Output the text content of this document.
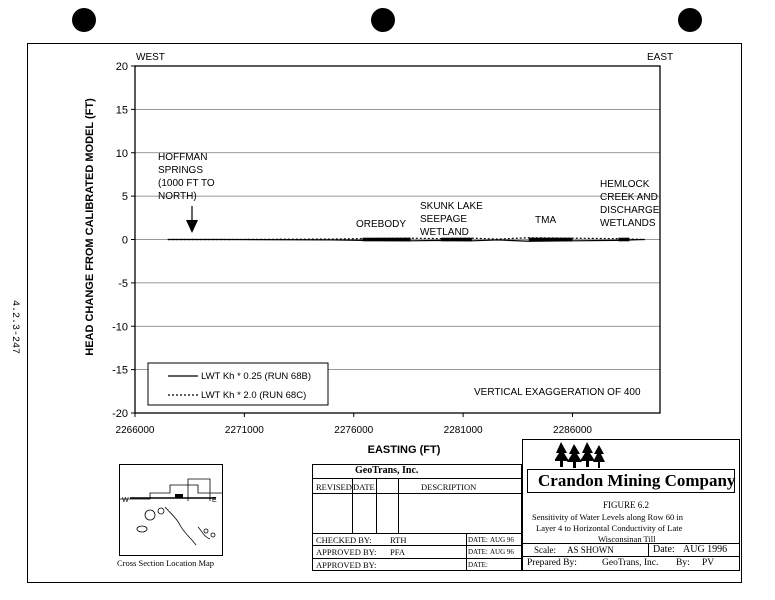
4.2.3-247
20
15
10
5
0
-5
-10
-15
-20
2266000	2271000	2276000	2281000	2286000
WEST	EAST
EASTING (FT)
HEAD CHANGE FROM CALIBRATED MODEL (FT)	HOFFMAN SPRINGS (1000 FT TO NORTH)
OREBODY
SKUNK LAKE SEEPAGE WETLAND
TMA
HEMLOCK CREEK AND DISCHARGE WETLANDS
VERTICAL EXAGGERATION OF 400
LWT Kh * 0.25 (RUN 68B)
LWT Kh * 2.0 (RUN 68C)
W	E
Cross Section Location Map
GeoTrans, Inc.
REVISED DATE	DESCRIPTION
CHECKED BY: RTH	DATE: AUG 96
APPROVED BY: PFA	DATE: AUG 96
APPROVED BY:	DATE:
Crandon Mining Company
FIGURE 6.2
Sensitivity of Water Levels along Row 60 in
Layer 4 to Horizontal Conductivity of Late
Wisconsinan Till
Scale: AS SHOWN	Date: AUG 1996
Prepared By:	GeoTrans, Inc. By: PV
